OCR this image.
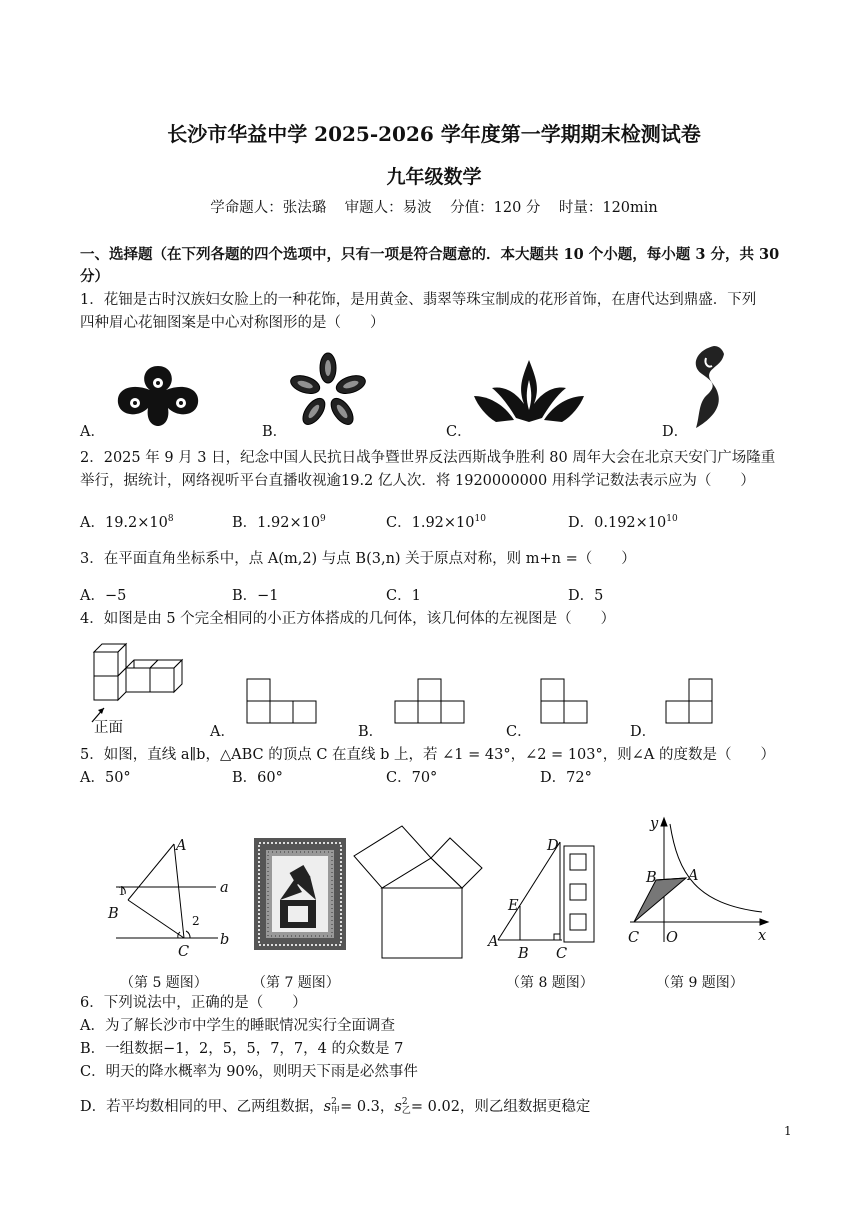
长沙市华益中学 2025-2026 学年度第一学期期末检测试卷
九年级数学
学命题人：张法璐    审题人：易波    分值：120 分    时量：120min
一、选择题（在下列各题的四个选项中，只有一项是符合题意的．本大题共 10 个小题，每小题 3 分，共 30
分）
1．花钿是古时汉族妇女脸上的一种花饰，是用黄金、翡翠等珠宝制成的花形首饰，在唐代达到鼎盛．下列
四种眉心花钿图案是中心对称图形的是（　　）
A．	B．	C．	D．
2．2025 年 9 月 3 日，纪念中国人民抗日战争暨世界反法西斯战争胜利 80 周年大会在北京天安门广场隆重
举行，据统计，网络视听平台直播收视逾19.2 亿人次．将 1920000000 用科学记数法表示应为（　　）
A．$19.2\times 10^8$	B．$1.92\times 10^9$	C．$1.92\times 10^{10}$	D．$0.192\times 10^{10}$
3．在平面直角坐标系中，点 A(m,2) 与点 B(3,n) 关于原点对称，则 m+n =（　　）
A．−5	B．−1	C．1	D．5
4．如图是由 5 个完全相同的小正方体搭成的几何体，该几何体的左视图是（　　）
正面	A．	B．	C．	D．
5．如图，直线 a∥b，△ABC 的顶点 C 在直线 b 上，若 ∠1 = 43°，∠2 = 103°，则∠A 的度数是（　　）
A．50°	B．60°	C．70°	D．72°
A
B
C
a
b
1
2
（第 5 题图）	（第 7 题图）
D
E
A
B C
（第 8 题图）
y
x
B A
C O
（第 9 题图）
6．下列说法中，正确的是（　　）
A．为了解长沙市中学生的睡眠情况实行全面调查
B．一组数据−1，2，5，5，7，7，4 的众数是 7
C．明天的降水概率为 90%，则明天下雨是必然事件
D．若平均数相同的甲、乙两组数据，s 2
甲 = 0.3，s 2
乙 = 0.02，则乙组数据更稳定
1
